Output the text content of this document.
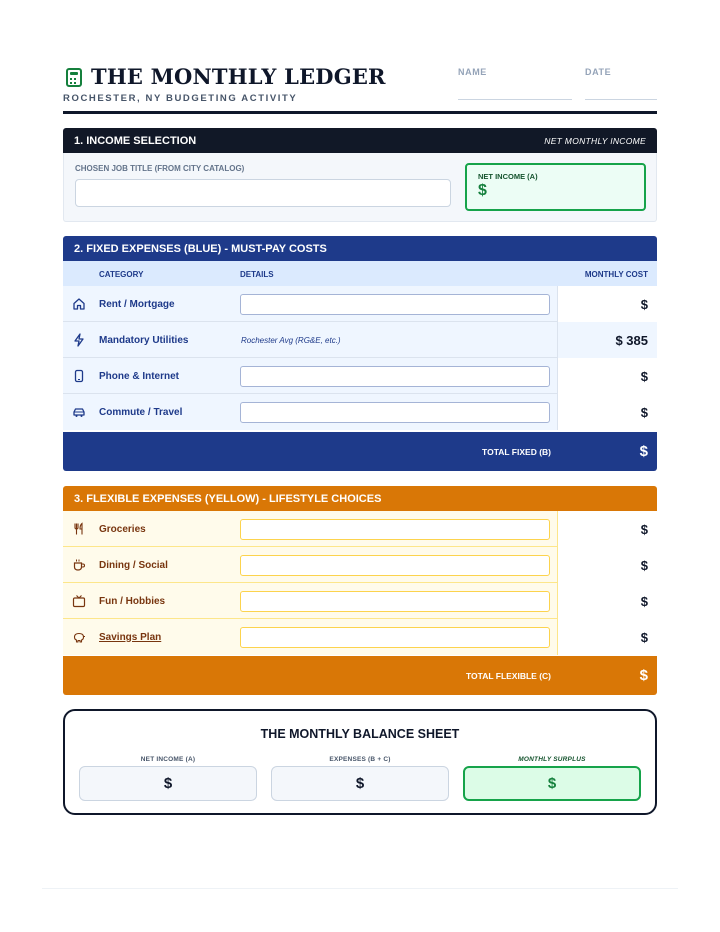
THE MONTHLY LEDGER
ROCHESTER, NY BUDGETING ACTIVITY
NAME	DATE
1. INCOME SELECTION	NET MONTHLY INCOME
CHOSEN JOB TITLE (FROM CITY CATALOG)
NET INCOME (A)
$
2. FIXED EXPENSES (BLUE) - MUST-PAY COSTS
CATEGORY	DETAILS	MONTHLY COST
Rent / Mortgage	$
Mandatory Utilities	Rochester Avg (RG&E, etc.)	$ 385
Phone & Internet	$
Commute / Travel	$
TOTAL FIXED (B)	$
3. FLEXIBLE EXPENSES (YELLOW) - LIFESTYLE CHOICES
Groceries	$
Dining / Social	$
Fun / Hobbies	$
Savings Plan	$
TOTAL FLEXIBLE (C)	$
THE MONTHLY BALANCE SHEET
NET INCOME (A)
$
EXPENSES (B + C)
$
MONTHLY SURPLUS
$
